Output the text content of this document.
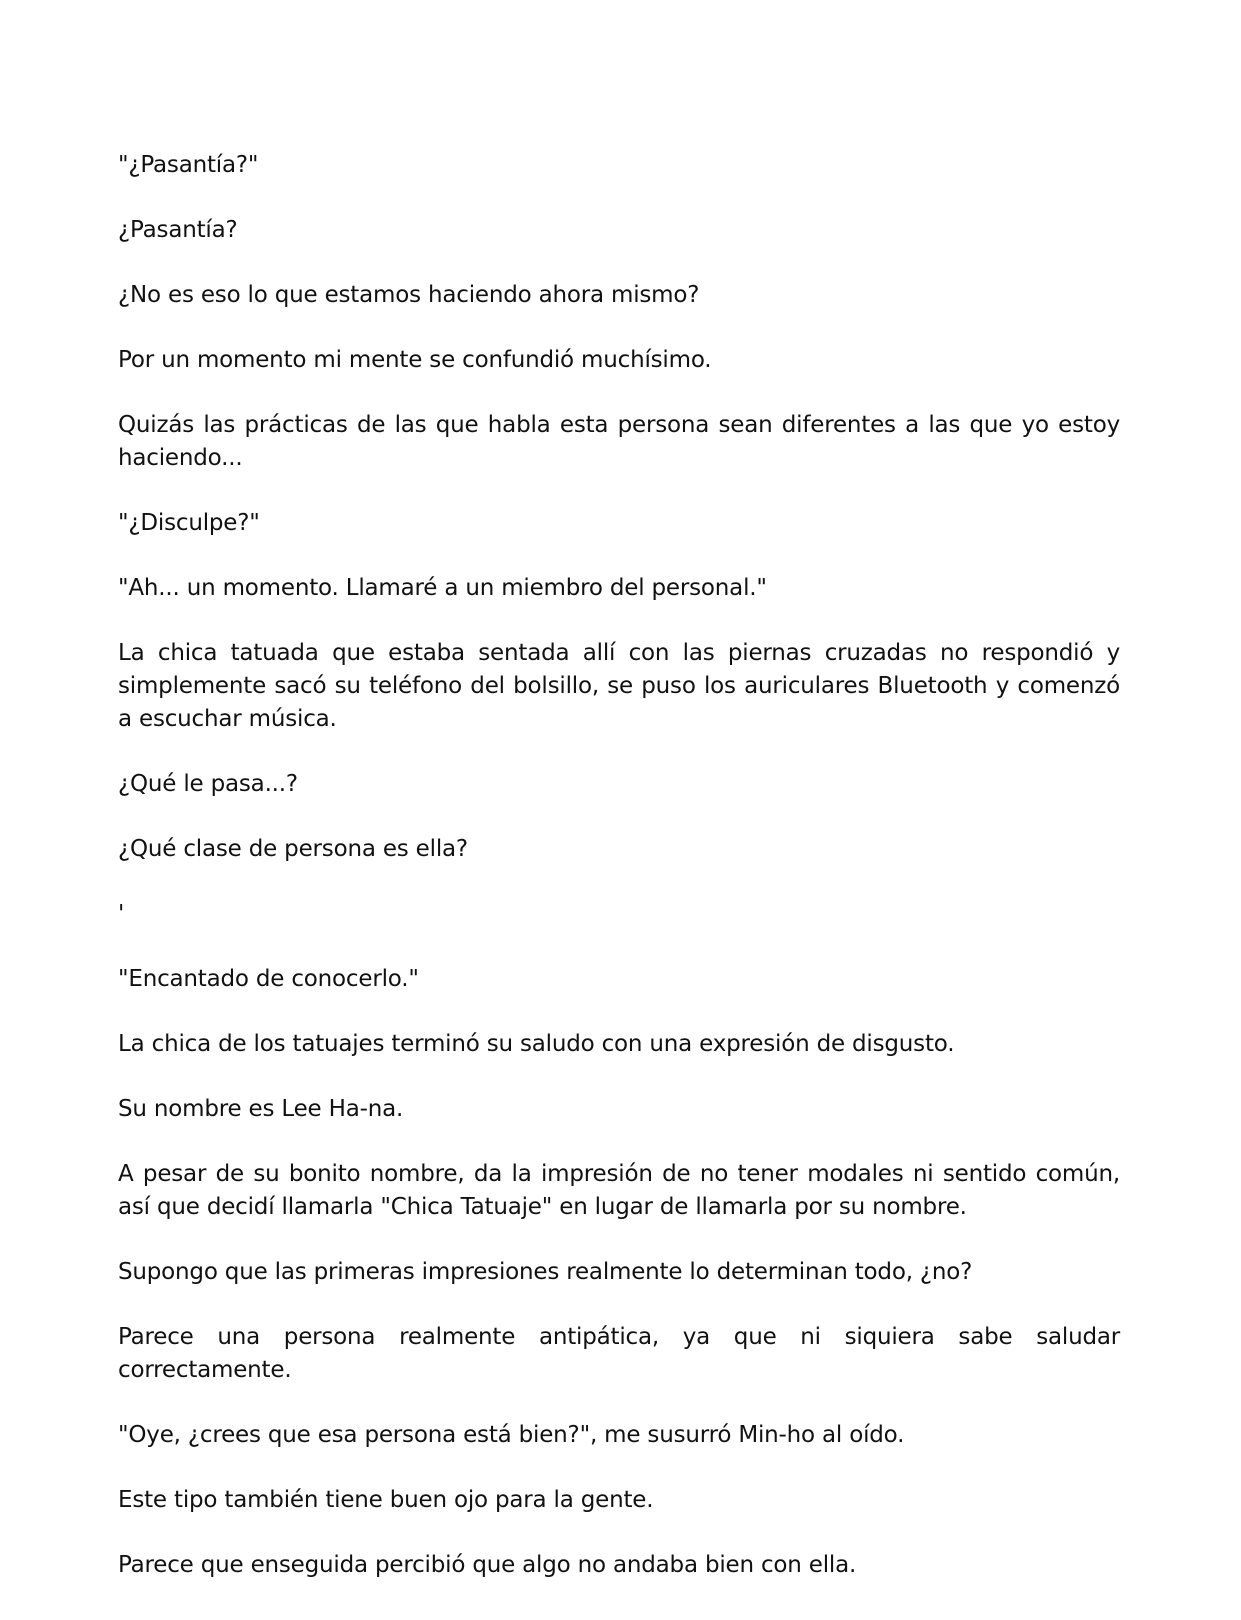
"¿Pasantía?"

¿Pasantía?

¿No es eso lo que estamos haciendo ahora mismo?

Por un momento mi mente se confundió muchísimo.

Quizás las prácticas de las que habla esta persona sean diferentes a las que yo estoy haciendo...

"¿Disculpe?"

"Ah... un momento. Llamaré a un miembro del personal."

La chica tatuada que estaba sentada allí con las piernas cruzadas no respondió y simplemente sacó su teléfono del bolsillo, se puso los auriculares Bluetooth y comenzó a escuchar música.

¿Qué le pasa...?

¿Qué clase de persona es ella?

'

"Encantado de conocerlo."

La chica de los tatuajes terminó su saludo con una expresión de disgusto.

Su nombre es Lee Ha-na.

A pesar de su bonito nombre, da la impresión de no tener modales ni sentido común, así que decidí llamarla "Chica Tatuaje" en lugar de llamarla por su nombre.

Supongo que las primeras impresiones realmente lo determinan todo, ¿no?

Parece una persona realmente antipática, ya que ni siquiera sabe saludar correctamente.

"Oye, ¿crees que esa persona está bien?", me susurró Min-ho al oído.

Este tipo también tiene buen ojo para la gente.

Parece que enseguida percibió que algo no andaba bien con ella.
